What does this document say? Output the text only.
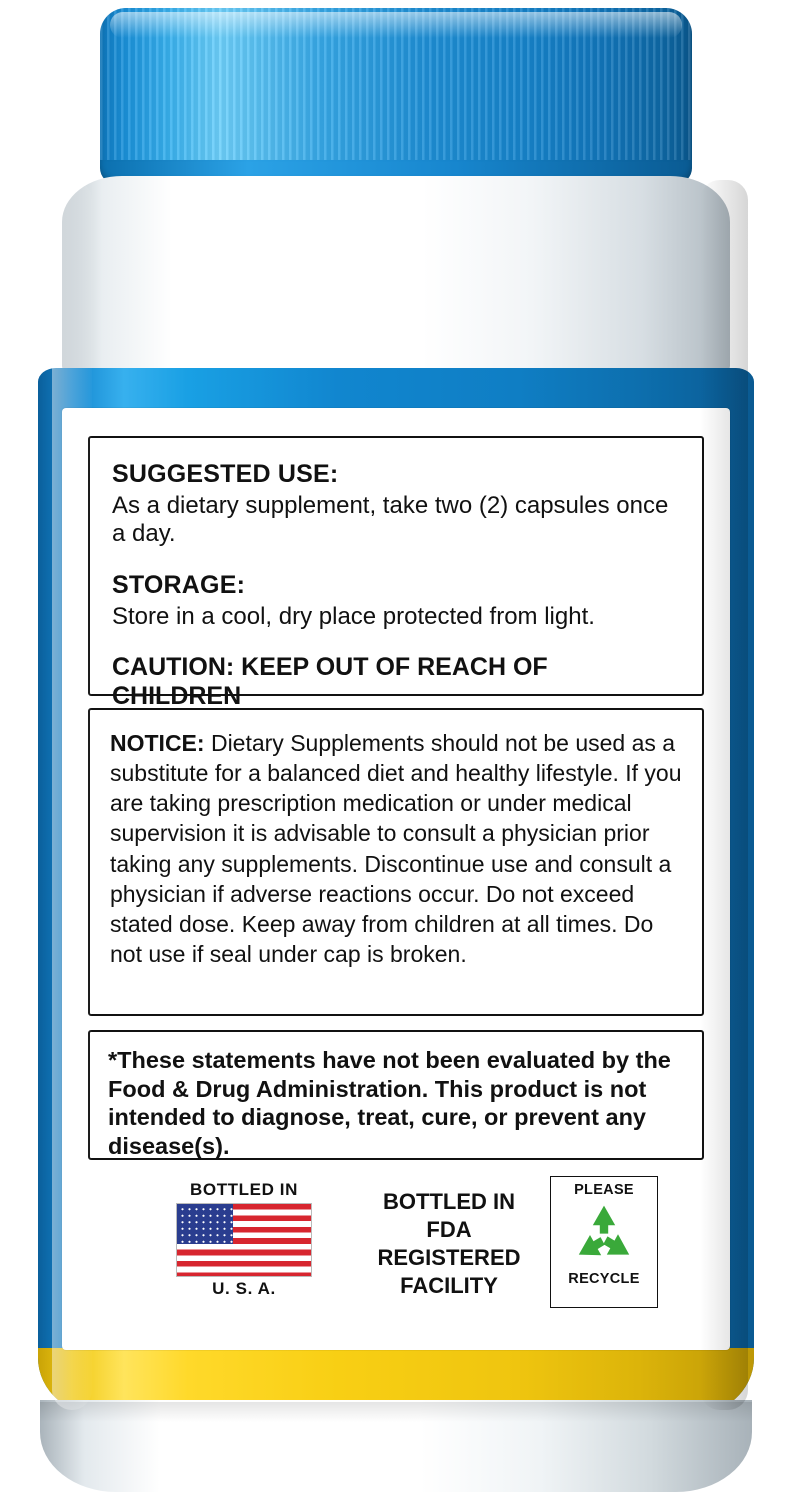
SUGGESTED USE:

As a dietary supplement, take two (2) capsules once a day.

STORAGE:

Store in a cool, dry place protected from light.

CAUTION: KEEP OUT OF REACH OF CHILDREN

NOTICE: Dietary Supplements should not be used as a substitute for a balanced diet and healthy lifestyle. If you are taking prescription medication or under medical supervision it is advisable to consult a physician prior taking any supplements. Discontinue use and consult a physician if adverse reactions occur. Do not exceed stated dose. Keep away from children at all times. Do not use if seal under cap is broken.

*These statements have not been evaluated by the Food & Drug Administration. This product is not intended to diagnose, treat, cure, or prevent any disease(s).

BOTTLED IN
U. S. A.
BOTTLED IN
FDA
REGISTERED
FACILITY
PLEASE
RECYCLE
